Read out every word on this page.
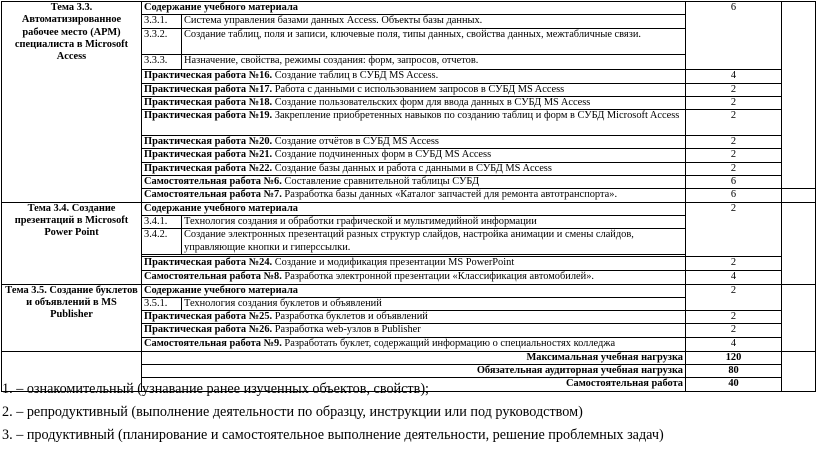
Тема 3.3. Автоматизированное рабочее место (АРМ) специалиста в Microsoft Access	Содержание учебного материала		6	
	3.3.1.	Система управления базами данных Access. Объекты базы данных.		
	3.3.2.	Создание таблиц, поля и записи, ключевые поля, типы данных, свойства данных, межтабличные связи.		
	3.3.3.	Назначение, свойства, режимы создания: форм, запросов, отчетов.		
	Практическая работа №16. Создание таблиц в СУБД MS Access.		4	
	Практическая работа №17. Работа с данными с использованием запросов в СУБД MS Access		2	
	Практическая работа №18. Создание пользовательских форм для ввода данных в СУБД MS Access		2	
	Практическая работа №19. Закрепление приобретенных навыков по созданию таблиц и форм в СУБД Microsoft Access		2	
	Практическая работа №20. Создание отчётов в СУБД MS Access		2	
	Практическая работа №21. Создание подчиненных форм в СУБД MS Access		2	
	Практическая работа №22. Создание базы данных и работа с данными в СУБД MS Access		2	
	Самостоятельная работа №6. Составление сравнительной таблицы СУБД		6	
	Самостоятельная работа №7. Разработка базы данных «Каталог запчастей для ремонта автотранспорта».		6	
Тема 3.4. Создание презентаций в Microsoft Power Point	Содержание учебного материала		2	
	3.4.1.	Технология создания и обработки графической и мультимедийной информации		
	3.4.2.	Создание электронных презентаций разных структур слайдов, настройка анимации и смены слайдов, управляющие кнопки и гиперссылки.		

	Практическая работа №24. Создание и модификация презентации MS PowerPoint		2	
	Самостоятельная работа №8. Разработка электронной презентации «Классификация автомобилей».		4	
Тема 3.5. Создание буклетов и объявлений в MS Publisher	Содержание учебного материала		2	
	3.5.1.	Технология создания буклетов и объявлений		
	Практическая работа №25. Разработка буклетов и объявлений		2	
	Практическая работа №26. Разработка web-узлов в Publisher		2	
	Самостоятельная работа №9. Разработать буклет, содержащий информацию о специальностях колледжа		4	
	Максимальная учебная нагрузка		120	
	Обязательная аудиторная учебная нагрузка		80	
	Самостоятельная работа		40	
1. – ознакомительный (узнавание ранее изученных объектов, свойств);
2. – репродуктивный (выполнение деятельности по образцу, инструкции или под руководством)
3. – продуктивный (планирование и самостоятельное выполнение деятельности, решение проблемных задач)
